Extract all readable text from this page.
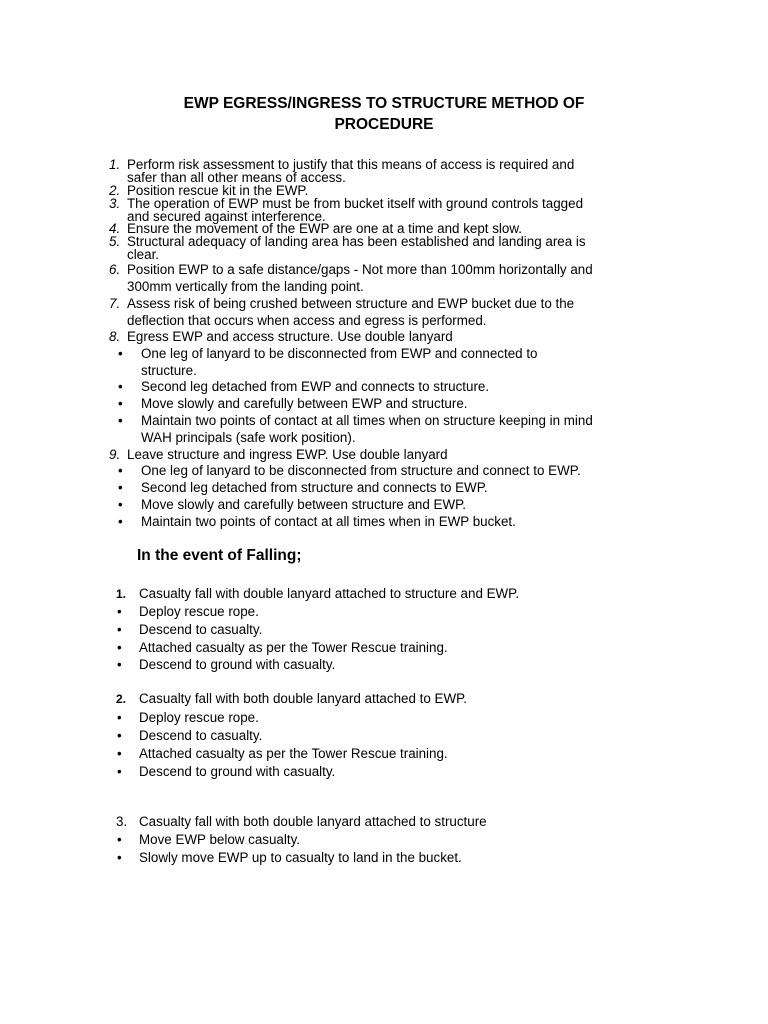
EWP EGRESS/INGRESS TO STRUCTURE METHOD OF
PROCEDURE
1. Perform risk assessment to justify that this means of access is required and
safer than all other means of access.
2. Position rescue kit in the EWP.
3. The operation of EWP must be from bucket itself with ground controls tagged
and secured against interference.
4. Ensure the movement of the EWP are one at a time and kept slow.
5. Structural adequacy of landing area has been established and landing area is
clear.
6. Position EWP to a safe distance/gaps - Not more than 100mm horizontally and
300mm vertically from the landing point.
7. Assess risk of being crushed between structure and EWP bucket due to the
deflection that occurs when access and egress is performed.
8. Egress EWP and access structure. Use double lanyard
• One leg of lanyard to be disconnected from EWP and connected to
structure.
• Second leg detached from EWP and connects to structure.
• Move slowly and carefully between EWP and structure.
• Maintain two points of contact at all times when on structure keeping in mind
WAH principals (safe work position).
9. Leave structure and ingress EWP. Use double lanyard
• One leg of lanyard to be disconnected from structure and connect to EWP.
• Second leg detached from structure and connects to EWP.
• Move slowly and carefully between structure and EWP.
• Maintain two points of contact at all times when in EWP bucket.
In the event of Falling;
1. Casualty fall with double lanyard attached to structure and EWP.
• Deploy rescue rope.
• Descend to casualty.
• Attached casualty as per the Tower Rescue training.
• Descend to ground with casualty.
2. Casualty fall with both double lanyard attached to EWP.
• Deploy rescue rope.
• Descend to casualty.
• Attached casualty as per the Tower Rescue training.
• Descend to ground with casualty.
3. Casualty fall with both double lanyard attached to structure
• Move EWP below casualty.
• Slowly move EWP up to casualty to land in the bucket.
